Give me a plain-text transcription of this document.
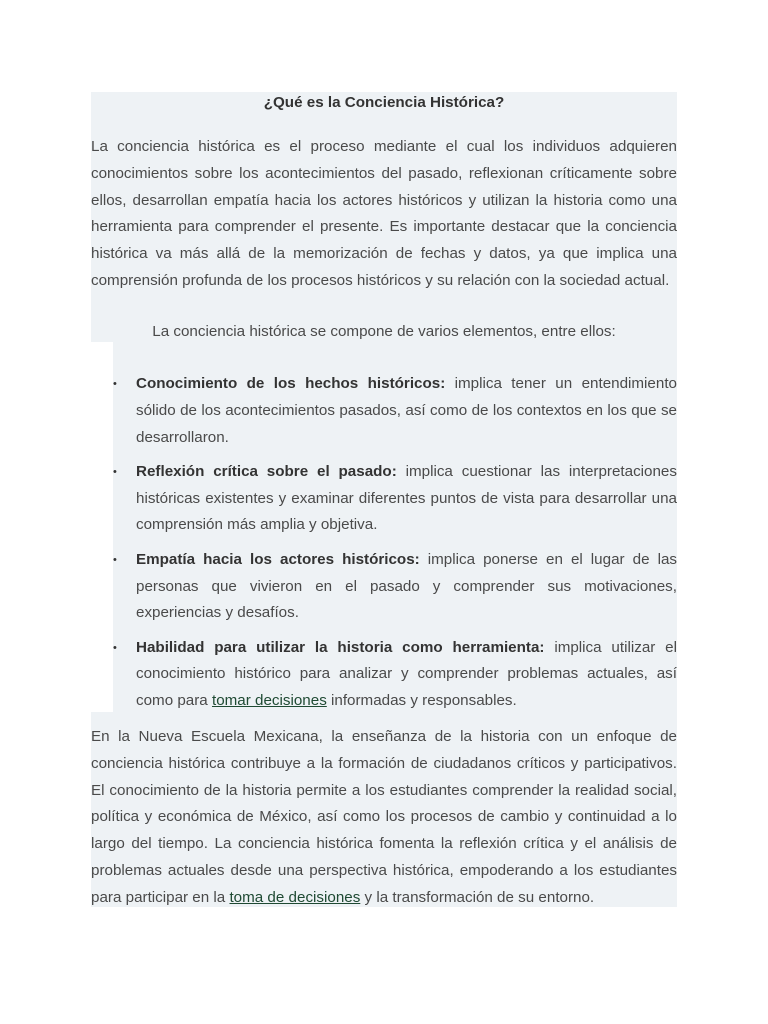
¿Qué es la Conciencia Histórica?

La conciencia histórica es el proceso mediante el cual los individuos adquieren conocimientos sobre los acontecimientos del pasado, reflexionan críticamente sobre ellos, desarrollan empatía hacia los actores históricos y utilizan la historia como una herramienta para comprender el presente. Es importante destacar que la conciencia histórica va más allá de la memorización de fechas y datos, ya que implica una comprensión profunda de los procesos históricos y su relación con la sociedad actual.

La conciencia histórica se compone de varios elementos, entre ellos:

• Conocimiento de los hechos históricos: implica tener un entendimiento sólido de los acontecimientos pasados, así como de los contextos en los que se desarrollaron.
• Reflexión crítica sobre el pasado: implica cuestionar las interpretaciones históricas existentes y examinar diferentes puntos de vista para desarrollar una comprensión más amplia y objetiva.
• Empatía hacia los actores históricos: implica ponerse en el lugar de las personas que vivieron en el pasado y comprender sus motivaciones, experiencias y desafíos.
• Habilidad para utilizar la historia como herramienta: implica utilizar el conocimiento histórico para analizar y comprender problemas actuales, así como para tomar decisiones informadas y responsables.

En la Nueva Escuela Mexicana, la enseñanza de la historia con un enfoque de conciencia histórica contribuye a la formación de ciudadanos críticos y participativos. El conocimiento de la historia permite a los estudiantes comprender la realidad social, política y económica de México, así como los procesos de cambio y continuidad a lo largo del tiempo. La conciencia histórica fomenta la reflexión crítica y el análisis de problemas actuales desde una perspectiva histórica, empoderando a los estudiantes para participar en la toma de decisiones y la transformación de su entorno.
